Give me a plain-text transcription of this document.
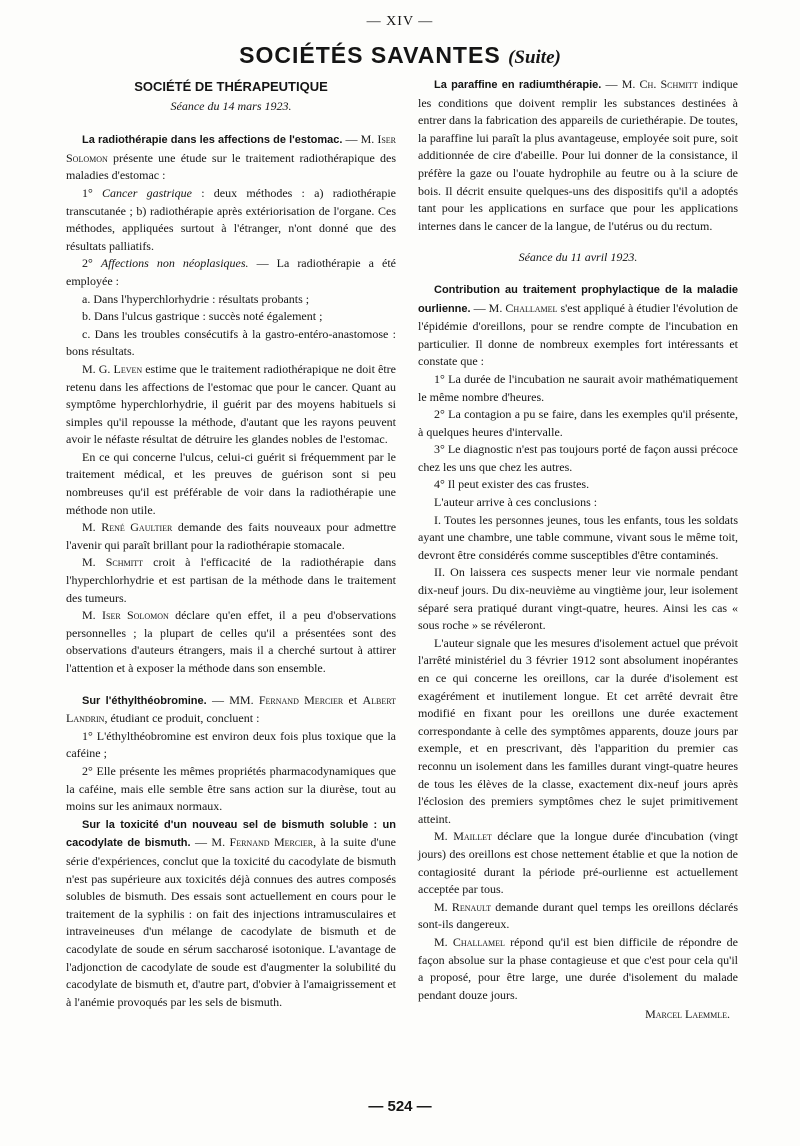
— XIV —
SOCIÉTÉS SAVANTES (Suite)
SOCIÉTÉ DE THÉRAPEUTIQUE
Séance du 14 mars 1923.

La radiothérapie dans les affections de l'estomac. — M. Iser Solomon présente une étude sur le traitement radiothérapique des maladies d'estomac :

1° Cancer gastrique : deux méthodes : a) radiothérapie transcutanée ; b) radiothérapie après extériorisation de l'organe. Ces méthodes, appliquées surtout à l'étranger, n'ont donné que des résultats palliatifs.

2° Affections non néoplasiques. — La radiothérapie a été employée :

a. Dans l'hyperchlorhydrie : résultats probants ;

b. Dans l'ulcus gastrique : succès noté également ;

c. Dans les troubles consécutifs à la gastro-entéro-anastomose : bons résultats.

M. G. Leven estime que le traitement radiothérapique ne doit être retenu dans les affections de l'estomac que pour le cancer. Quant au symptôme hyperchlorhydrie, il guérit par des moyens habituels si simples qu'il repousse la méthode, d'autant que les rayons peuvent avoir le néfaste résultat de détruire les glandes nobles de l'estomac.

En ce qui concerne l'ulcus, celui-ci guérit si fréquemment par le traitement médical, et les preuves de guérison sont si peu nombreuses qu'il est préférable de voir dans la radiothérapie une méthode non utile.

M. René Gaultier demande des faits nouveaux pour admettre l'avenir qui paraît brillant pour la radiothérapie stomacale.

M. Schmitt croit à l'efficacité de la radiothérapie dans l'hyperchlorhydrie et est partisan de la méthode dans le traitement des tumeurs.

M. Iser Solomon déclare qu'en effet, il a peu d'observations personnelles ; la plupart de celles qu'il a présentées sont des observations d'auteurs étrangers, mais il a cherché surtout à attirer l'attention et à exposer la méthode dans son ensemble.

Sur l'éthylthéobromine. — MM. Fernand Mercier et Albert Landrin, étudiant ce produit, concluent :

1° L'éthylthéobromine est environ deux fois plus toxique que la caféine ;

2° Elle présente les mêmes propriétés pharmacodynamiques que la caféine, mais elle semble être sans action sur la diurèse, tout au moins sur les animaux normaux.

Sur la toxicité d'un nouveau sel de bismuth soluble : un cacodylate de bismuth. — M. Fernand Mercier, à la suite d'une série d'expériences, conclut que la toxicité du cacodylate de bismuth n'est pas supérieure aux toxicités déjà connues des autres composés solubles de bismuth. Des essais sont actuellement en cours pour le traitement de la syphilis : on fait des injections intramusculaires et intraveineuses d'un mélange de cacodylate de bismuth et de cacodylate de soude en sérum saccharosé isotonique. L'avantage de l'adjonction de cacodylate de soude est d'augmenter la solubilité du cacodylate de bismuth et, d'autre part, d'obvier à l'amaigrissement et à l'anémie provoqués par les sels de bismuth.

La paraffine en radiumthérapie. — M. Ch. Schmitt indique les conditions que doivent remplir les substances destinées à entrer dans la fabrication des appareils de curiethérapie. De toutes, la paraffine lui paraît la plus avantageuse, employée soit pure, soit additionnée de cire d'abeille. Pour lui donner de la consistance, il préfère la gaze ou l'ouate hydrophile au feutre ou à la sciure de bois. Il décrit ensuite quelques-uns des dispositifs qu'il a adoptés tant pour les applications en surface que pour les applications internes dans le cancer de la langue, de l'utérus ou du rectum.

Séance du 11 avril 1923.

Contribution au traitement prophylactique de la maladie ourlienne. — M. Challamel s'est appliqué à étudier l'évolution de l'épidémie d'oreillons, pour se rendre compte de l'incubation en particulier. Il donne de nombreux exemples fort intéressants et constate que :

1° La durée de l'incubation ne saurait avoir mathématiquement le même nombre d'heures.

2° La contagion a pu se faire, dans les exemples qu'il présente, à quelques heures d'intervalle.

3° Le diagnostic n'est pas toujours porté de façon aussi précoce chez les uns que chez les autres.

4° Il peut exister des cas frustes.

L'auteur arrive à ces conclusions :

I. Toutes les personnes jeunes, tous les enfants, tous les soldats ayant une chambre, une table commune, vivant sous le même toit, devront être considérés comme susceptibles d'être contaminés.

II. On laissera ces suspects mener leur vie normale pendant dix-neuf jours. Du dix-neuvième au vingtième jour, leur isolement séparé sera pratiqué durant vingt-quatre, heures. Ainsi les cas « sous roche » se révéleront.

L'auteur signale que les mesures d'isolement actuel que prévoit l'arrêté ministériel du 3 février 1912 sont absolument inopérantes en ce qui concerne les oreillons, car la durée d'isolement est exagérément et inutilement longue. Et cet arrêté devrait être modifié en fixant pour les oreillons une durée exactement correspondante à celle des symptômes apparents, douze jours par exemple, et en prescrivant, dès l'apparition du premier cas reconnu un isolement dans les familles durant vingt-quatre heures de tous les élèves de la classe, exactement dix-neuf jours après l'éclosion des premiers symptômes chez le sujet primitivement atteint.

M. Maillet déclare que la longue durée d'incubation (vingt jours) des oreillons est chose nettement établie et que la notion de contagiosité durant la période pré-ourlienne est actuellement acceptée par tous.

M. Renault demande durant quel temps les oreillons déclarés sont-ils dangereux.

M. Challamel répond qu'il est bien difficile de répondre de façon absolue sur la phase contagieuse et que c'est pour cela qu'il a proposé, pour être large, une durée d'isolement du malade pendant douze jours.

Marcel Laemmle.
— 524 —
